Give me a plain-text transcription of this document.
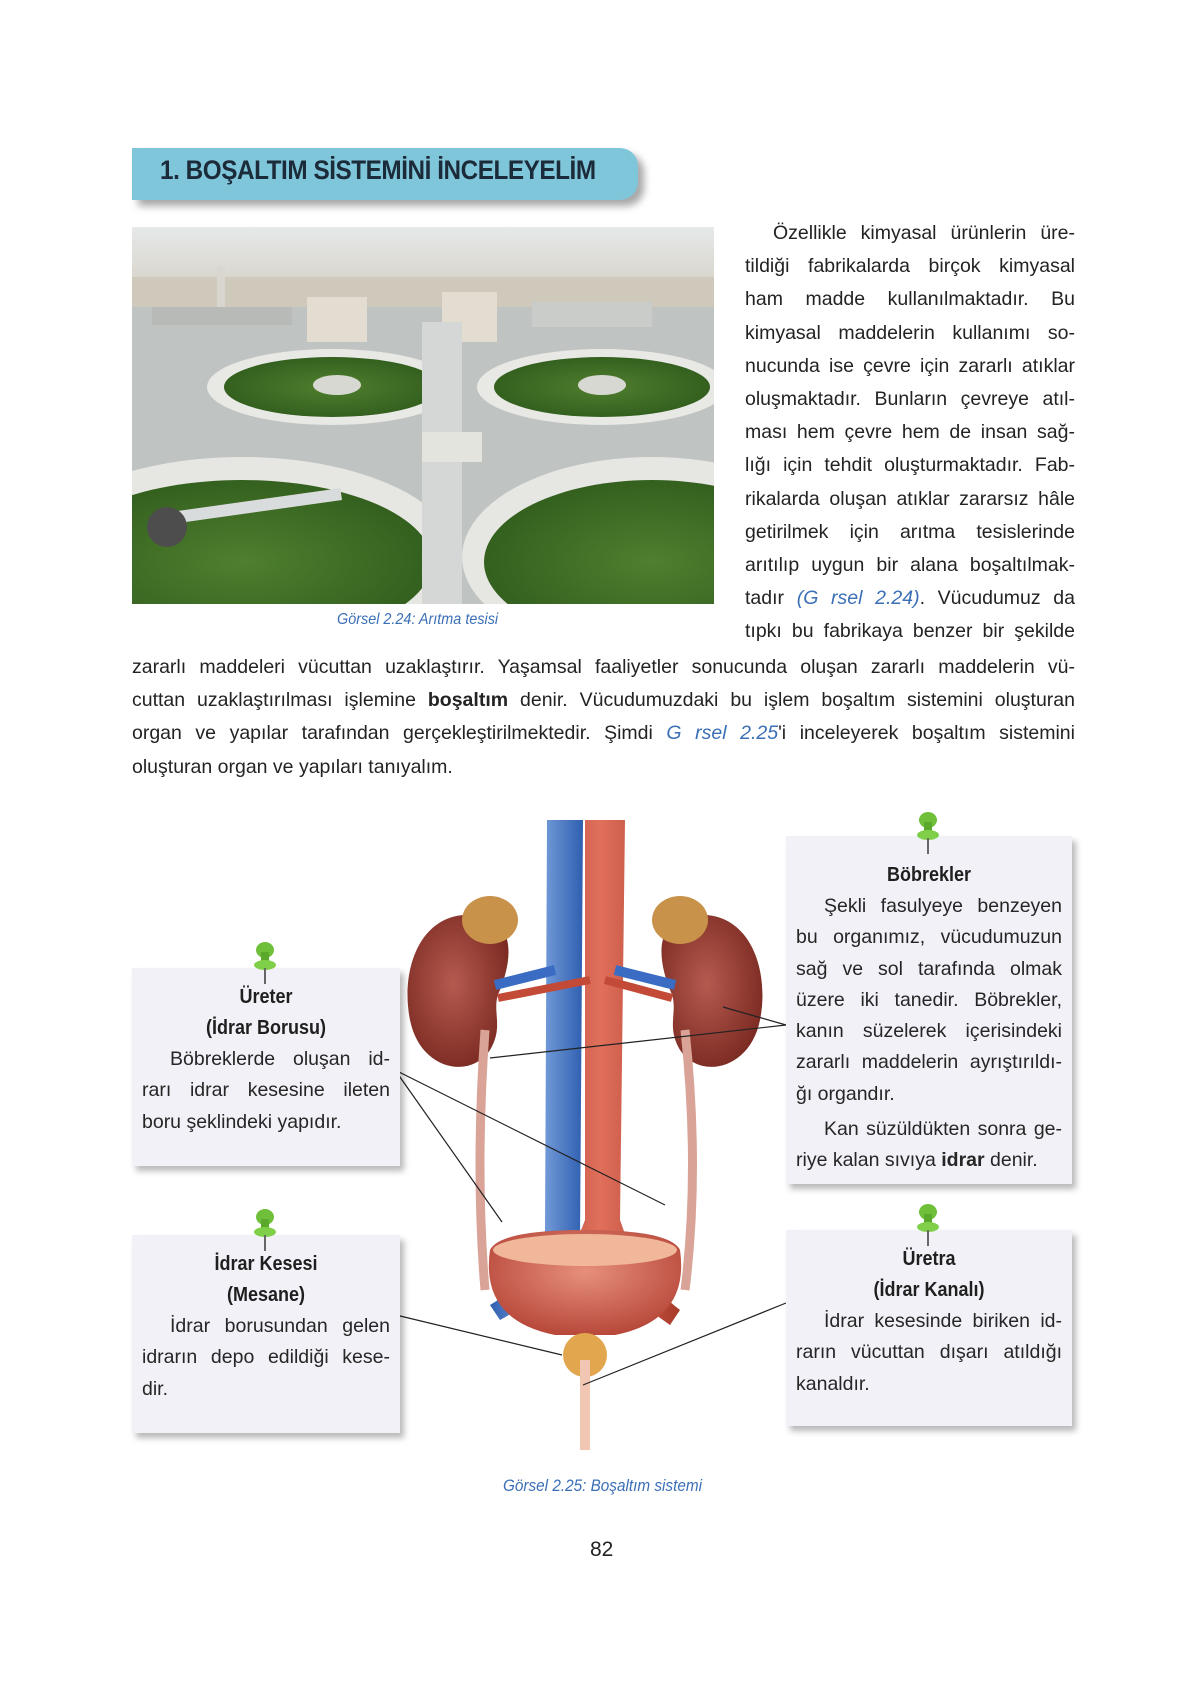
1. BOŞALTIM SİSTEMİNİ İNCELEYELİM
Görsel 2.24: Arıtma tesisi
Özellikle kimyasal ürünlerin üre-
tildiği fabrikalarda birçok kimyasal
ham madde kullanılmaktadır. Bu
kimyasal maddelerin kullanımı so-
nucunda ise çevre için zararlı atıklar
oluşmaktadır. Bunların çevreye atıl-
ması hem çevre hem de insan sağ-
lığı için tehdit oluşturmaktadır. Fab-
rikalarda oluşan atıklar zararsız hâle
getirilmek için arıtma tesislerinde
arıtılıp uygun bir alana boşaltılmak-
tadır (G rsel 2.24). Vücudumuz da
tıpkı bu fabrikaya benzer bir şekilde
zararlı maddeleri vücuttan uzaklaştırır. Yaşamsal faaliyetler sonucunda oluşan zararlı maddelerin vü-
cuttan uzaklaştırılması işlemine boşaltım denir. Vücudumuzdaki bu işlem boşaltım sistemini oluşturan
organ ve yapılar tarafından gerçekleştirilmektedir. Şimdi G rsel 2.25'i inceleyerek boşaltım sistemini
oluşturan organ ve yapıları tanıyalım.
Üreter
(İdrar Borusu)
Böbreklerde oluşan id-
rarı idrar kesesine ileten
boru şeklindeki yapıdır.
İdrar Kesesi
(Mesane)
İdrar borusundan gelen
idrarın depo edildiği kese-
dir.
Böbrekler
Şekli fasulyeye benzeyen
bu organımız, vücudumuzun
sağ ve sol tarafında olmak
üzere iki tanedir. Böbrekler,
kanın süzelerek içerisindeki
zararlı maddelerin ayrıştırıldı-
ğı organdır.
Kan süzüldükten sonra ge-
riye kalan sıvıya idrar denir.
Üretra
(İdrar Kanalı)
İdrar kesesinde biriken id-
rarın vücuttan dışarı atıldığı
kanaldır.
Görsel 2.25: Boşaltım sistemi
82
